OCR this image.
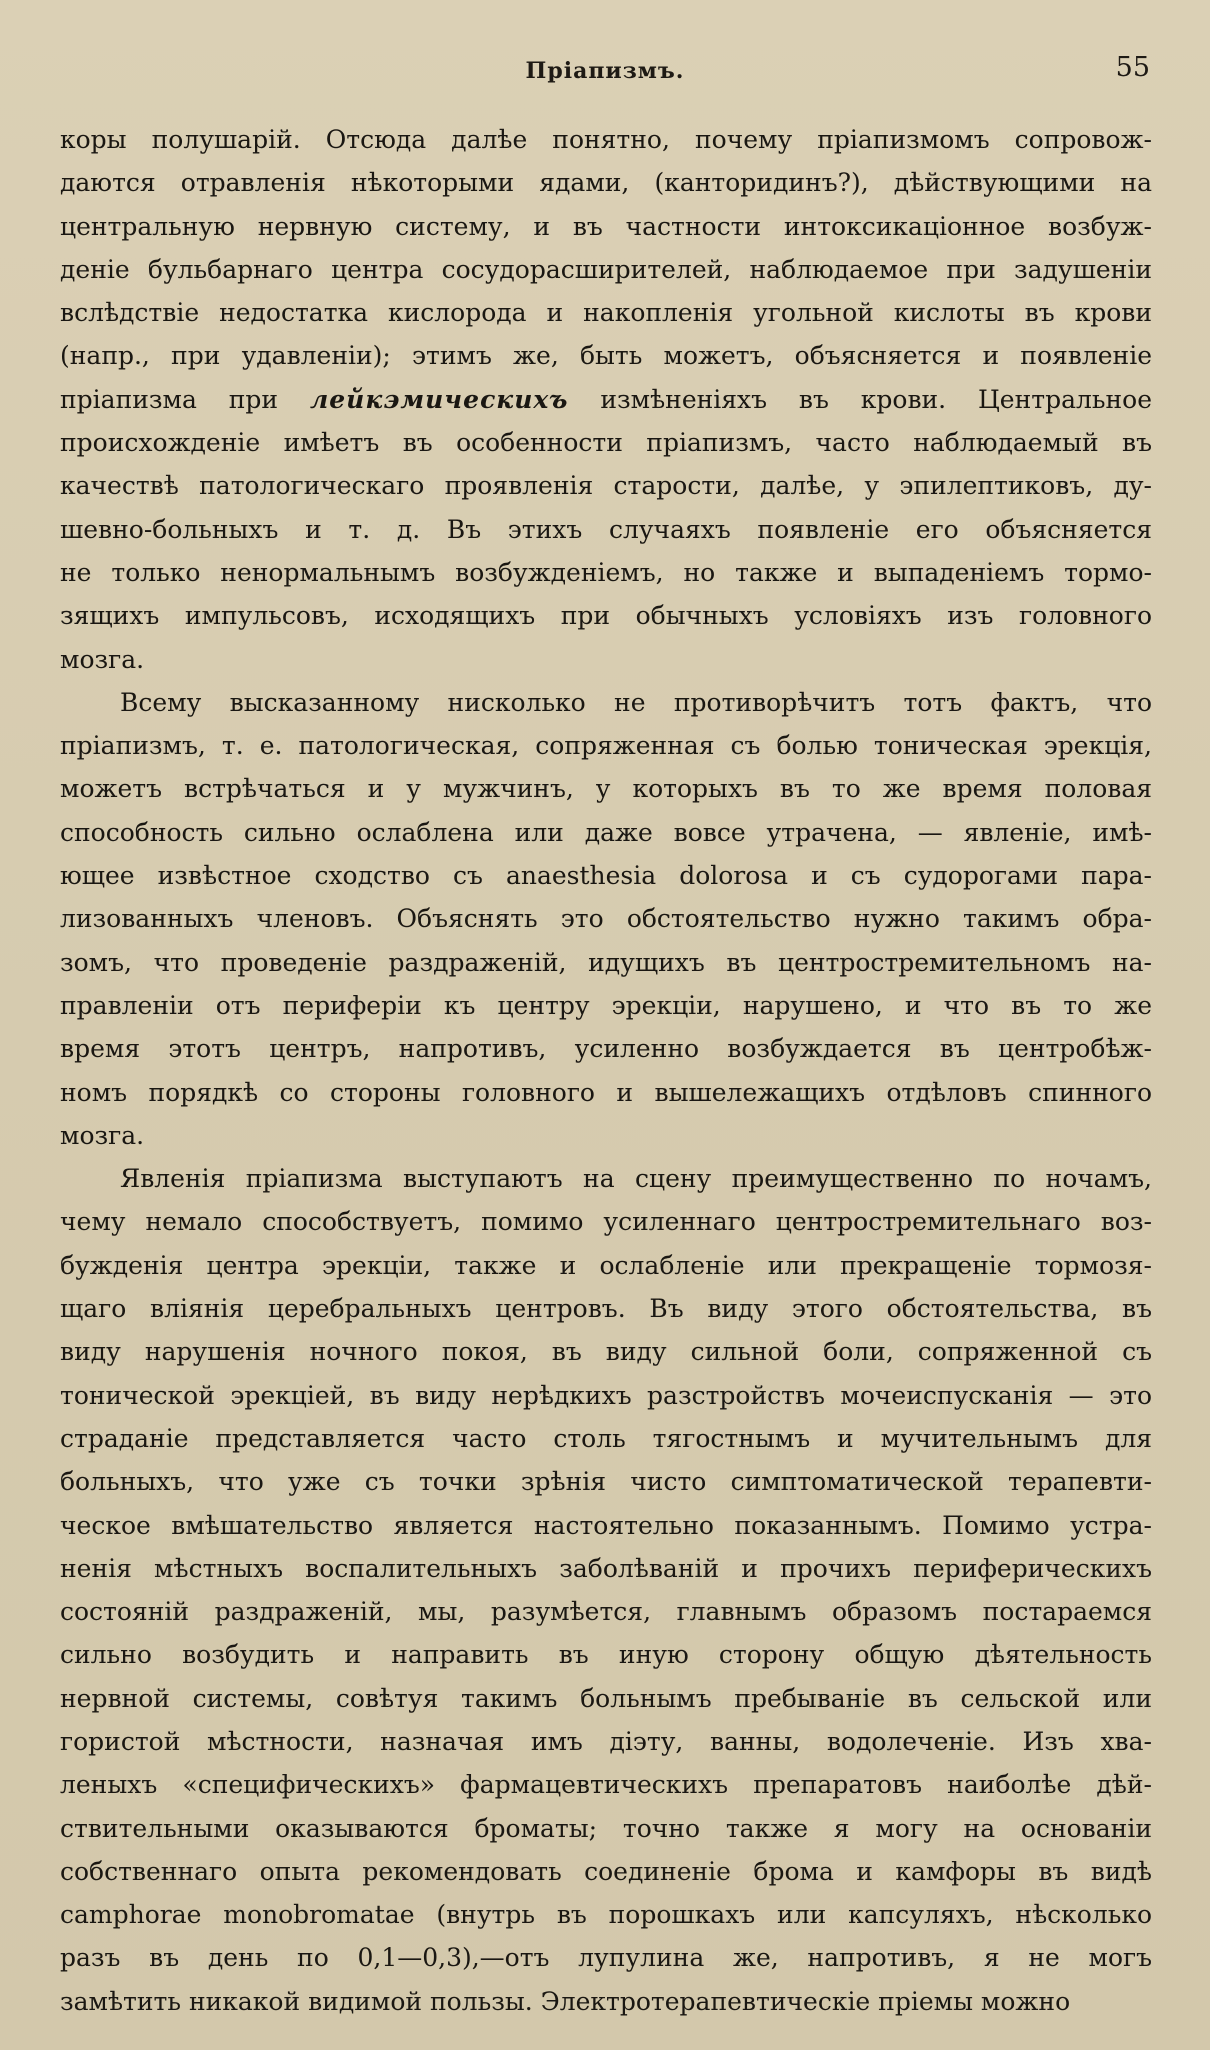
Пріапизмъ.	55

коры полушарій. Отсюда далѣе понятно, почему пріапизмомъ сопровож-
даются отравленія нѣкоторыми ядами, (канторидинъ?), дѣйствующими на
центральную нервную систему, и въ частности интоксикаціонное возбуж-
деніе бульбарнаго центра сосудорасширителей, наблюдаемое при задушеніи
вслѣдствіе недостатка кислорода и накопленія угольной кислоты въ крови
(напр., при удавленіи); этимъ же, быть можетъ, объясняется и появленіе
пріапизма при лейкэмическихъ измѣненіяхъ въ крови. Центральное
происхожденіе имѣетъ въ особенности пріапизмъ, часто наблюдаемый въ
качествѣ патологическаго проявленія старости, далѣе, у эпилептиковъ, ду-
шевно-больныхъ и т. д. Въ этихъ случаяхъ появленіе его объясняется
не только ненормальнымъ возбужденіемъ, но также и выпаденіемъ тормо-
зящихъ импульсовъ, исходящихъ при обычныхъ условіяхъ изъ головного
мозга.

Всему высказанному нисколько не противорѣчитъ тотъ фактъ, что
пріапизмъ, т. е. патологическая, сопряженная съ болью тоническая эрекція,
можетъ встрѣчаться и у мужчинъ, у которыхъ въ то же время половая
способность сильно ослаблена или даже вовсе утрачена, — явленіе, имѣ-
ющее извѣстное сходство съ anaesthesia dolorosa и съ судорогами пара-
лизованныхъ членовъ. Объяснять это обстоятельство нужно такимъ обра-
зомъ, что проведеніе раздраженій, идущихъ въ центростремительномъ на-
правленіи отъ периферіи къ центру эрекціи, нарушено, и что въ то же
время этотъ центръ, напротивъ, усиленно возбуждается въ центробѣж-
номъ порядкѣ со стороны головного и вышележащихъ отдѣловъ спинного
мозга.

Явленія пріапизма выступаютъ на сцену преимущественно по ночамъ,
чему немало способствуетъ, помимо усиленнаго центростремительнаго воз-
бужденія центра эрекціи, также и ослабленіе или прекращеніе тормозя-
щаго вліянія церебральныхъ центровъ. Въ виду этого обстоятельства, въ
виду нарушенія ночного покоя, въ виду сильной боли, сопряженной съ
тонической эрекціей, въ виду нерѣдкихъ разстройствъ мочеиспусканія — это
страданіе представляется часто столь тягостнымъ и мучительнымъ для
больныхъ, что уже съ точки зрѣнія чисто симптоматической терапевти-
ческое вмѣшательство является настоятельно показаннымъ. Помимо устра-
ненія мѣстныхъ воспалительныхъ заболѣваній и прочихъ периферическихъ
состояній раздраженій, мы, разумѣется, главнымъ образомъ постараемся
сильно возбудить и направить въ иную сторону общую дѣятельность
нервной системы, совѣтуя такимъ больнымъ пребываніе въ сельской или
гористой мѣстности, назначая имъ діэту, ванны, водолеченіе. Изъ хва-
леныхъ «специфическихъ» фармацевтическихъ препаратовъ наиболѣе дѣй-
ствительными оказываются броматы; точно также я могу на основаніи
собственнаго опыта рекомендовать соединеніе брома и камфоры въ видѣ
camphorae monobromatae (внутрь въ порошкахъ или капсуляхъ, нѣсколько
разъ въ день по 0,1—0,3),—отъ лупулина же, напротивъ, я не могъ
замѣтить никакой видимой пользы. Электротерапевтическіе пріемы можно
